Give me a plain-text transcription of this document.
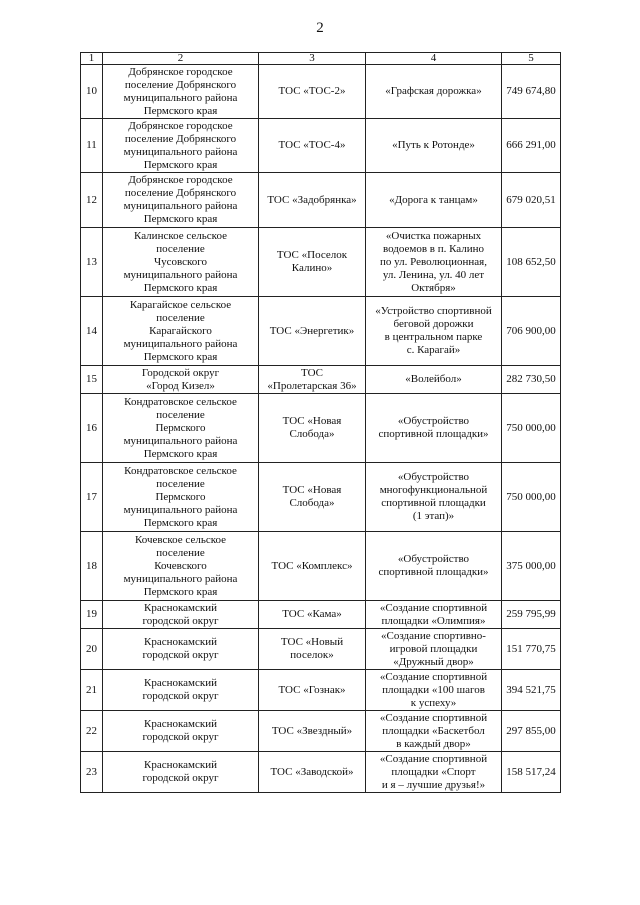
2
1	2	3	4	5
10	Добрянское городское
поселение Добрянского
муниципального района
Пермского края	ТОС «ТОС-2»	«Графская дорожка»	749 674,80
11	Добрянское городское
поселение Добрянского
муниципального района
Пермского края	ТОС «ТОС-4»	«Путь к Ротонде»	666 291,00
12	Добрянское городское
поселение Добрянского
муниципального района
Пермского края	ТОС «Задобрянка»	«Дорога к танцам»	679 020,51
13	Калинское сельское
поселение
Чусовского
муниципального района
Пермского края	ТОС «Поселок
Калино»	«Очистка пожарных
водоемов в п. Калино
по ул. Революционная,
ул. Ленина, ул. 40 лет
Октября»	108 652,50
14	Карагайское сельское
поселение
Карагайского
муниципального района
Пермского края	ТОС «Энергетик»	«Устройство спортивной
беговой дорожки
в центральном парке
с. Карагай»	706 900,00
15	Городской округ
«Город Кизел»	ТОС
«Пролетарская 36»	«Волейбол»	282 730,50
16	Кондратовское сельское
поселение
Пермского
муниципального района
Пермского края	ТОС «Новая
Слобода»	«Обустройство
спортивной площадки»	750 000,00
17	Кондратовское сельское
поселение
Пермского
муниципального района
Пермского края	ТОС «Новая
Слобода»	«Обустройство
многофункциональной
спортивной площадки
(1 этап)»	750 000,00
18	Кочевское сельское
поселение
Кочевского
муниципального района
Пермского края	ТОС «Комплекс»	«Обустройство
спортивной площадки»	375 000,00
19	Краснокамский
городской округ	ТОС «Кама»	«Создание спортивной
площадки «Олимпия»	259 795,99
20	Краснокамский
городской округ	ТОС «Новый
поселок»	«Создание спортивно-
игровой площадки
«Дружный двор»	151 770,75
21	Краснокамский
городской округ	ТОС «Гознак»	«Создание спортивной
площадки «100 шагов
к успеху»	394 521,75
22	Краснокамский
городской округ	ТОС «Звездный»	«Создание спортивной
площадки «Баскетбол
в каждый двор»	297 855,00
23	Краснокамский
городской округ	ТОС «Заводской»	«Создание спортивной
площадки «Спорт
и я – лучшие друзья!»	158 517,24
